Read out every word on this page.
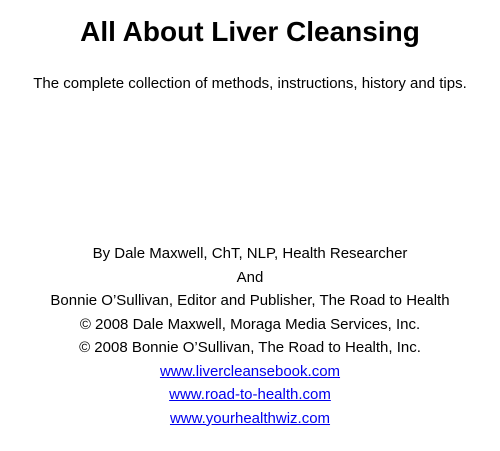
All About Liver Cleansing

The complete collection of methods, instructions, history and tips.

By Dale Maxwell, ChT, NLP, Health Researcher
And
Bonnie O’Sullivan, Editor and Publisher, The Road to Health
© 2008 Dale Maxwell, Moraga Media Services, Inc.
© 2008 Bonnie O’Sullivan, The Road to Health, Inc.
www.livercleansebook.com
www.road-to-health.com
www.yourhealthwiz.com
